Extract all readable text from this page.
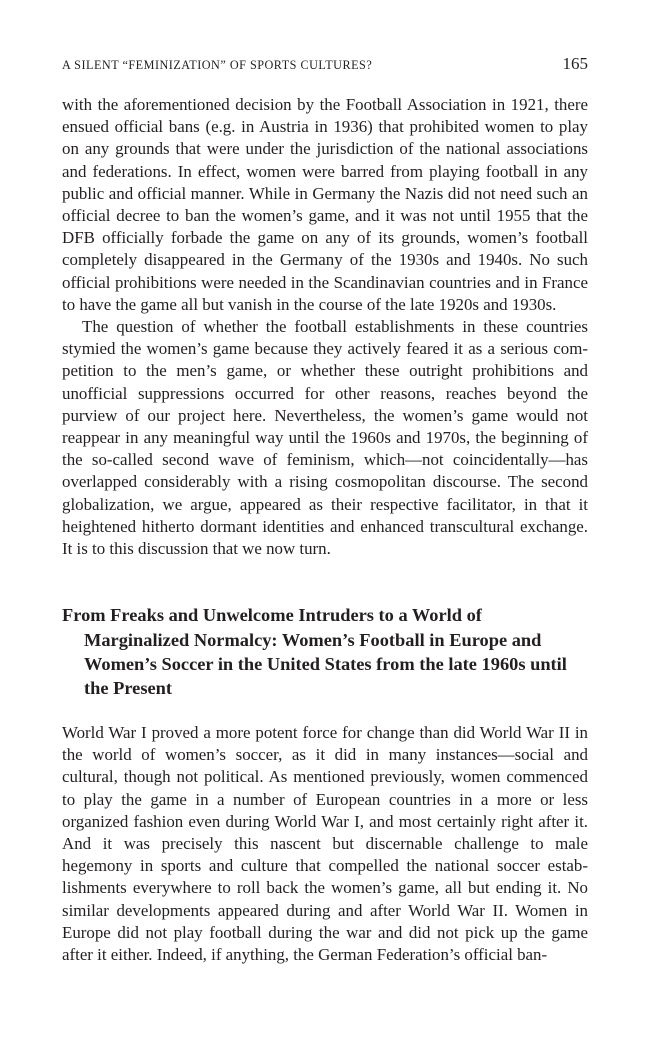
A SILENT “FEMINIZATION” OF SPORTS CULTURES?	165

with the aforementioned decision by the Football Association in 1921, there ensued official bans (e.g. in Austria in 1936) that prohibited women to play on any grounds that were under the jurisdiction of the national associations and federations. In effect, women were barred from playing football in any public and official manner. While in Germany the Nazis did not need such an official decree to ban the women’s game, and it was not until 1955 that the DFB officially forbade the game on any of its grounds, women’s football completely disappeared in the Germany of the 1930s and 1940s. No such official prohibitions were needed in the Scandinavian countries and in France to have the game all but vanish in the course of the late 1920s and 1930s.

The question of whether the football establishments in these countries stymied the women’s game because they actively feared it as a serious competition to the men’s game, or whether these outright prohibitions and unofficial suppressions occurred for other reasons, reaches beyond the purview of our project here. Nevertheless, the women’s game would not reappear in any meaningful way until the 1960s and 1970s, the beginning of the so-called second wave of feminism, which—not coincidentally—has overlapped considerably with a rising cosmopolitan discourse. The second globalization, we argue, appeared as their respective facilitator, in that it heightened hitherto dormant identities and enhanced transcultural exchange. It is to this discussion that we now turn.

From Freaks and Unwelcome Intruders to a World of Marginalized Normalcy: Women’s Football in Europe and Women’s Soccer in the United States from the late 1960s until the Present

World War I proved a more potent force for change than did World War II in the world of women’s soccer, as it did in many instances—social and cultural, though not political. As mentioned previously, women commenced to play the game in a number of European countries in a more or less organized fashion even during World War I, and most certainly right after it. And it was precisely this nascent but discernable challenge to male hegemony in sports and culture that compelled the national soccer establishments everywhere to roll back the women’s game, all but ending it. No similar developments appeared during and after World War II. Women in Europe did not play football during the war and did not pick up the game after it either. Indeed, if anything, the German Federation’s official ban-
